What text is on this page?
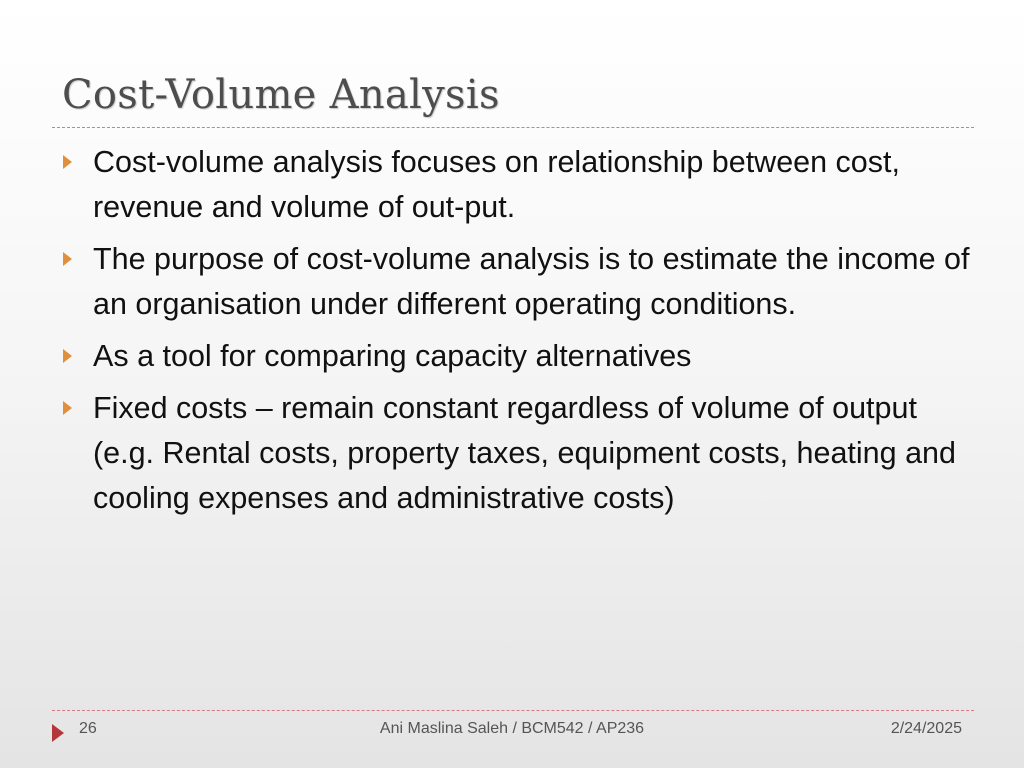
Cost-Volume Analysis
Cost-volume analysis focuses on relationship between cost, revenue and volume of out-put.
The purpose of cost-volume analysis is to estimate the income of an organisation under different operating conditions.
As a tool for comparing capacity alternatives
Fixed costs – remain constant regardless of volume of output (e.g. Rental costs, property taxes, equipment costs, heating and cooling expenses and administrative costs)
26	Ani Maslina Saleh / BCM542 / AP236	2/24/2025
